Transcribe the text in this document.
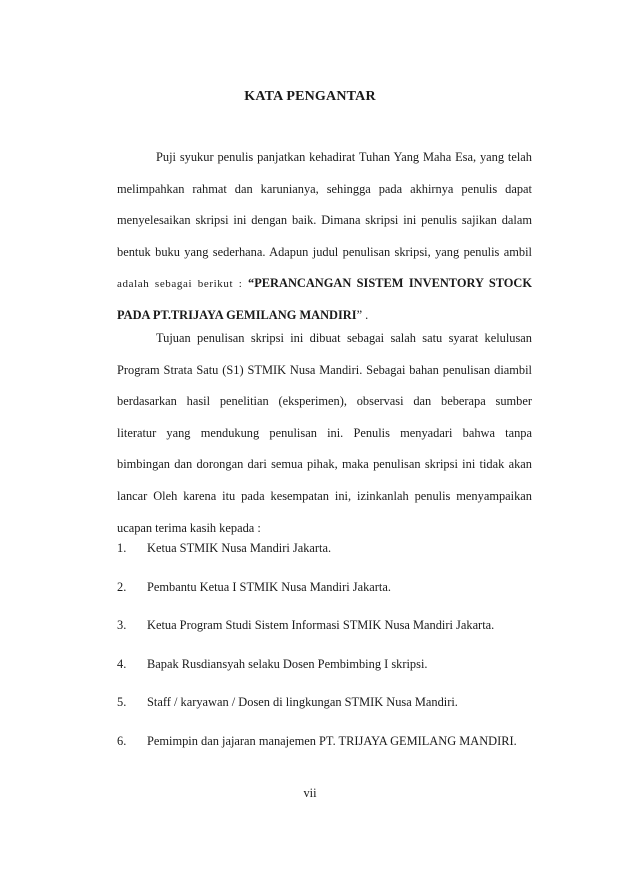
KATA PENGANTAR
Puji syukur penulis panjatkan kehadirat Tuhan Yang Maha Esa, yang telah
melimpahkan rahmat dan karunianya, sehingga pada akhirnya penulis dapat
menyelesaikan skripsi ini dengan baik. Dimana skripsi ini penulis sajikan dalam
bentuk buku yang sederhana. Adapun judul penulisan skripsi, yang penulis ambil
adalah sebagai berikut : “PERANCANGAN SISTEM INVENTORY STOCK
PADA PT.TRIJAYA GEMILANG MANDIRI” .
Tujuan penulisan skripsi ini dibuat sebagai salah satu syarat kelulusan
Program Strata Satu (S1) STMIK Nusa Mandiri. Sebagai bahan penulisan diambil
berdasarkan hasil penelitian (eksperimen), observasi dan beberapa sumber
literatur yang mendukung penulisan ini. Penulis menyadari bahwa tanpa
bimbingan dan dorongan dari semua pihak, maka penulisan skripsi ini tidak akan
lancar Oleh karena itu pada kesempatan ini, izinkanlah penulis menyampaikan
ucapan terima kasih kepada :
1. Ketua STMIK Nusa Mandiri Jakarta.
2. Pembantu Ketua I STMIK Nusa Mandiri Jakarta.
3. Ketua Program Studi Sistem Informasi STMIK Nusa Mandiri Jakarta.
4. Bapak Rusdiansyah selaku Dosen Pembimbing I skripsi.
5. Staff / karyawan / Dosen di lingkungan STMIK Nusa Mandiri.
6. Pemimpin dan jajaran manajemen PT. TRIJAYA GEMILANG MANDIRI.
vii
